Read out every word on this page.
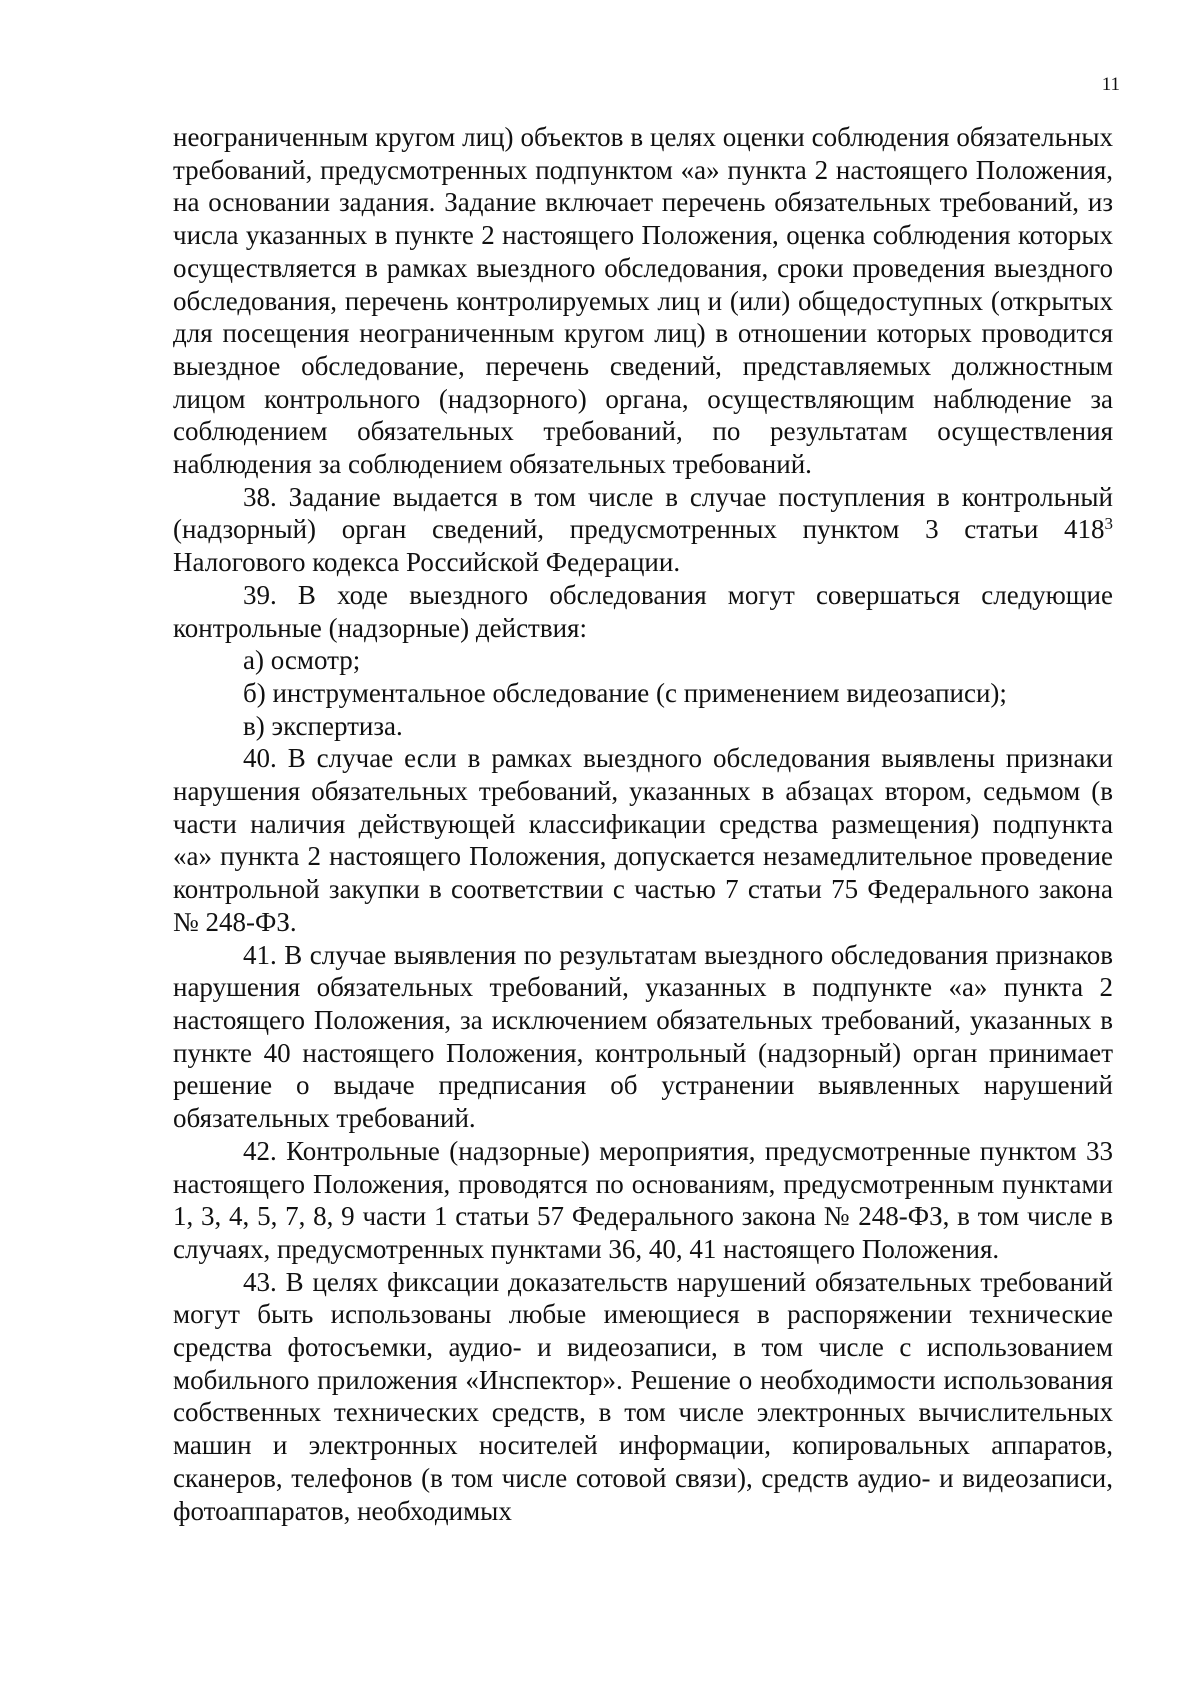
11

неограниченным кругом лиц) объектов в целях оценки соблюдения обязательных требований, предусмотренных подпунктом «а» пункта 2 настоящего Положения, на основании задания. Задание включает перечень обязательных требований, из числа указанных в пункте 2 настоящего Положения, оценка соблюдения которых осуществляется в рамках выездного обследования, сроки проведения выездного обследования, перечень контролируемых лиц и (или) общедоступных (открытых для посещения неограниченным кругом лиц) в отношении которых проводится выездное обследование, перечень сведений, представляемых должностным лицом контрольного (надзорного) органа, осуществляющим наблюдение за соблюдением обязательных требований, по результатам осуществления наблюдения за соблюдением обязательных требований.

38. Задание выдается в том числе в случае поступления в контрольный (надзорный) орган сведений, предусмотренных пунктом 3 статьи $418^3$ Налогового кодекса Российской Федерации.

39. В ходе выездного обследования могут совершаться следующие контрольные (надзорные) действия:

а) осмотр;

б) инструментальное обследование (с применением видеозаписи);

в) экспертиза.

40. В случае если в рамках выездного обследования выявлены признаки нарушения обязательных требований, указанных в абзацах втором, седьмом (в части наличия действующей классификации средства размещения) подпункта «а» пункта 2 настоящего Положения, допускается незамедлительное проведение контрольной закупки в соответствии с частью 7 статьи 75 Федерального закона № 248-ФЗ.

41. В случае выявления по результатам выездного обследования признаков нарушения обязательных требований, указанных в подпункте «а» пункта 2 настоящего Положения, за исключением обязательных требований, указанных в пункте 40 настоящего Положения, контрольный (надзорный) орган принимает решение о выдаче предписания об устранении выявленных нарушений обязательных требований.

42. Контрольные (надзорные) мероприятия, предусмотренные пунктом 33 настоящего Положения, проводятся по основаниям, предусмотренным пунктами 1, 3, 4, 5, 7, 8, 9 части 1 статьи 57 Федерального закона № 248-ФЗ, в том числе в случаях, предусмотренных пунктами 36, 40, 41 настоящего Положения.

43. В целях фиксации доказательств нарушений обязательных требований могут быть использованы любые имеющиеся в распоряжении технические средства фотосъемки, аудио- и видеозаписи, в том числе с использованием мобильного приложения «Инспектор». Решение о необходимости использования собственных технических средств, в том числе электронных вычислительных машин и электронных носителей информации, копировальных аппаратов, сканеров, телефонов (в том числе сотовой связи), средств аудио- и видеозаписи, фотоаппаратов, необходимых
